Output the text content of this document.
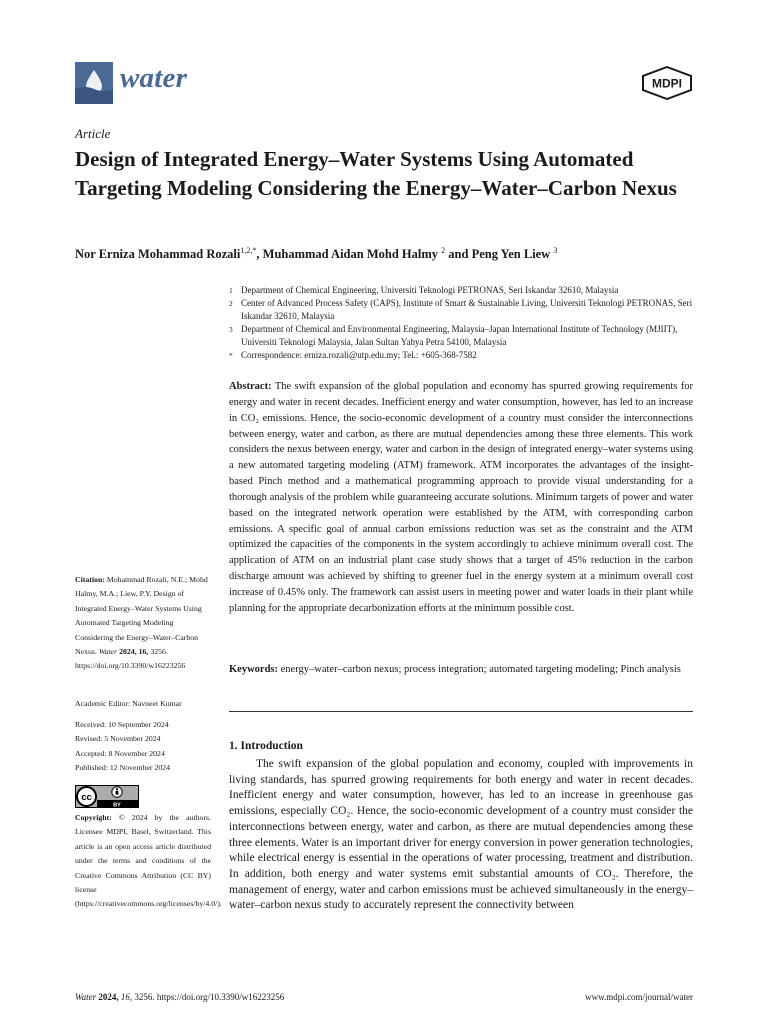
water	MDPI
Article
Design of Integrated Energy–Water Systems Using Automated Targeting Modeling Considering the Energy–Water–Carbon Nexus
Nor Erniza Mohammad Rozali$^{1,2,*}$, Muhammad Aidan Mohd Halmy $^2$ and Peng Yen Liew $^3$
1 Department of Chemical Engineering, Universiti Teknologi PETRONAS, Seri Iskandar 32610, Malaysia
2 Center of Advanced Process Safety (CAPS), Institute of Smart & Sustainable Living, Universiti Teknologi PETRONAS, Seri Iskandar 32610, Malaysia
3 Department of Chemical and Environmental Engineering, Malaysia–Japan International Institute of Technology (MJIIT), Universiti Teknologi Malaysia, Jalan Sultan Yahya Petra 54100, Malaysia
* Correspondence: erniza.rozali@utp.edu.my; Tel.: +605-368-7582

Abstract: The swift expansion of the global population and economy has spurred growing requirements for energy and water in recent decades. Inefficient energy and water consumption, however, has led to an increase in CO₂ emissions. Hence, the socio-economic development of a country must consider the interconnections between energy, water and carbon, as there are mutual dependencies among these three elements. This work considers the nexus between energy, water and carbon in the design of integrated energy–water systems using a new automated targeting modeling (ATM) framework. ATM incorporates the advantages of the insight-based Pinch method and a mathematical programming approach to provide visual understanding for a thorough analysis of the problem while guaranteeing accurate solutions. Minimum targets of power and water based on the integrated network operation were established by the ATM, with corresponding carbon emissions. A specific goal of annual carbon emissions reduction was set as the constraint and the ATM optimized the capacities of the components in the system accordingly to achieve minimum overall cost. The application of ATM on an industrial plant case study shows that a target of 45% reduction in the carbon discharge amount was achieved by shifting to greener fuel in the energy system at a minimum overall cost increase of 0.45% only. The framework can assist users in meeting power and water loads in their plant while planning for the appropriate decarbonization efforts at the minimum possible cost.

Keywords: energy–water–carbon nexus; process integration; automated targeting modeling; Pinch analysis

1. Introduction

The swift expansion of the global population and economy, coupled with improvements in living standards, has spurred growing requirements for both energy and water in recent decades. Inefficient energy and water consumption, however, has led to an increase in greenhouse gas emissions, especially CO₂. Hence, the socio-economic development of a country must consider the interconnections between energy, water and carbon, as there are mutual dependencies among these three elements. Water is an important driver for energy conversion in power generation technologies, while electrical energy is essential in the operations of water processing, treatment and distribution. In addition, both energy and water systems emit substantial amounts of CO₂. Therefore, the management of energy, water and carbon emissions must be achieved simultaneously in the energy–water–carbon nexus study to accurately represent the connectivity between

Citation: Mohammad Rozali, N.E.; Mohd Halmy, M.A.; Liew, P.Y. Design of Integrated Energy–Water Systems Using Automated Targeting Modeling Considering the Energy–Water–Carbon Nexus. Water 2024, 16, 3256. https://doi.org/10.3390/w16223256
Academic Editor: Navneet Kumar
Received: 10 September 2024
Revised: 5 November 2024
Accepted: 8 November 2024
Published: 12 November 2024
cc
BY
Copyright: © 2024 by the authors. Licensee MDPI, Basel, Switzerland. This article is an open access article distributed under the terms and conditions of the Creative Commons Attribution (CC BY) license (https://creativecommons.org/licenses/by/4.0/).
Water 2024, 16, 3256. https://doi.org/10.3390/w16223256	www.mdpi.com/journal/water
